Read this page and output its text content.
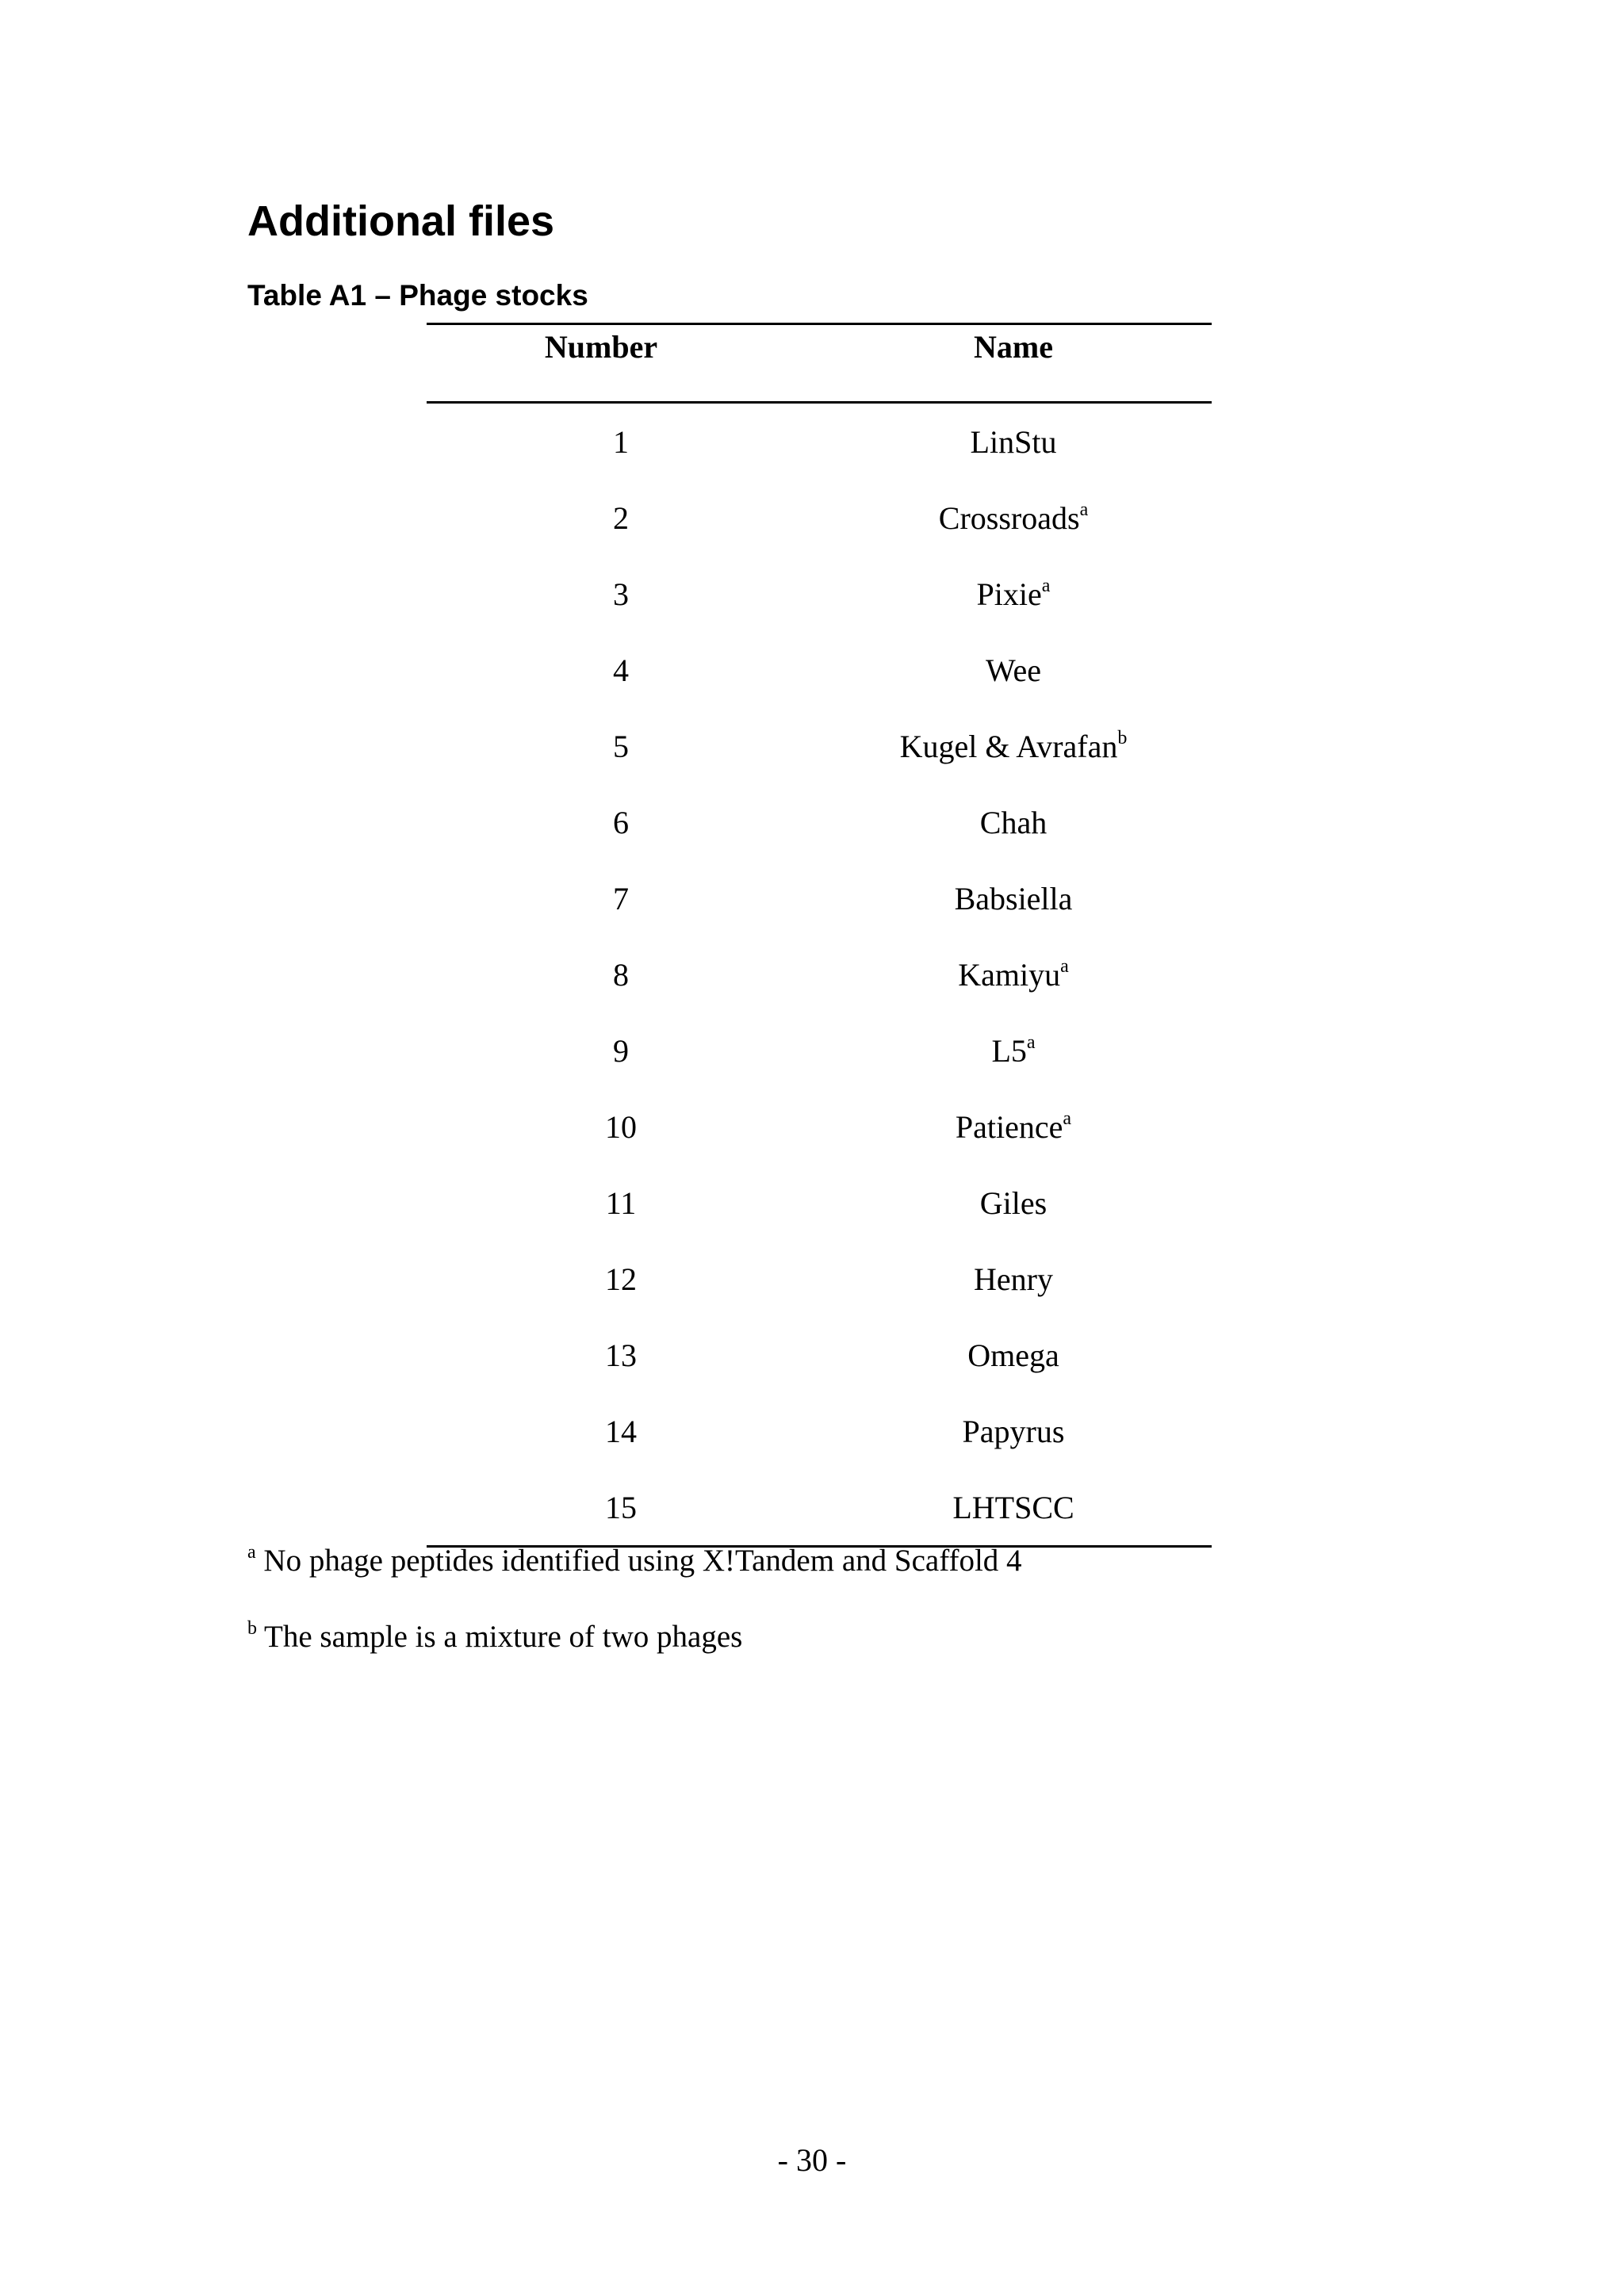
Additional files

Table A1 – Phage stocks

Number	Name
1	LinStu
2	Crossroads$^a$
3	Pixie$^a$
4	Wee
5	Kugel & Avrafan$^b$
6	Chah
7	Babsiella
8	Kamiyu$^a$
9	L5$^a$
10	Patience$^a$
11	Giles
12	Henry
13	Omega
14	Papyrus
15	LHTSCC

$^a$ No phage peptides identified using X!Tandem and Scaffold 4

$^b$ The sample is a mixture of two phages

- 30 -
